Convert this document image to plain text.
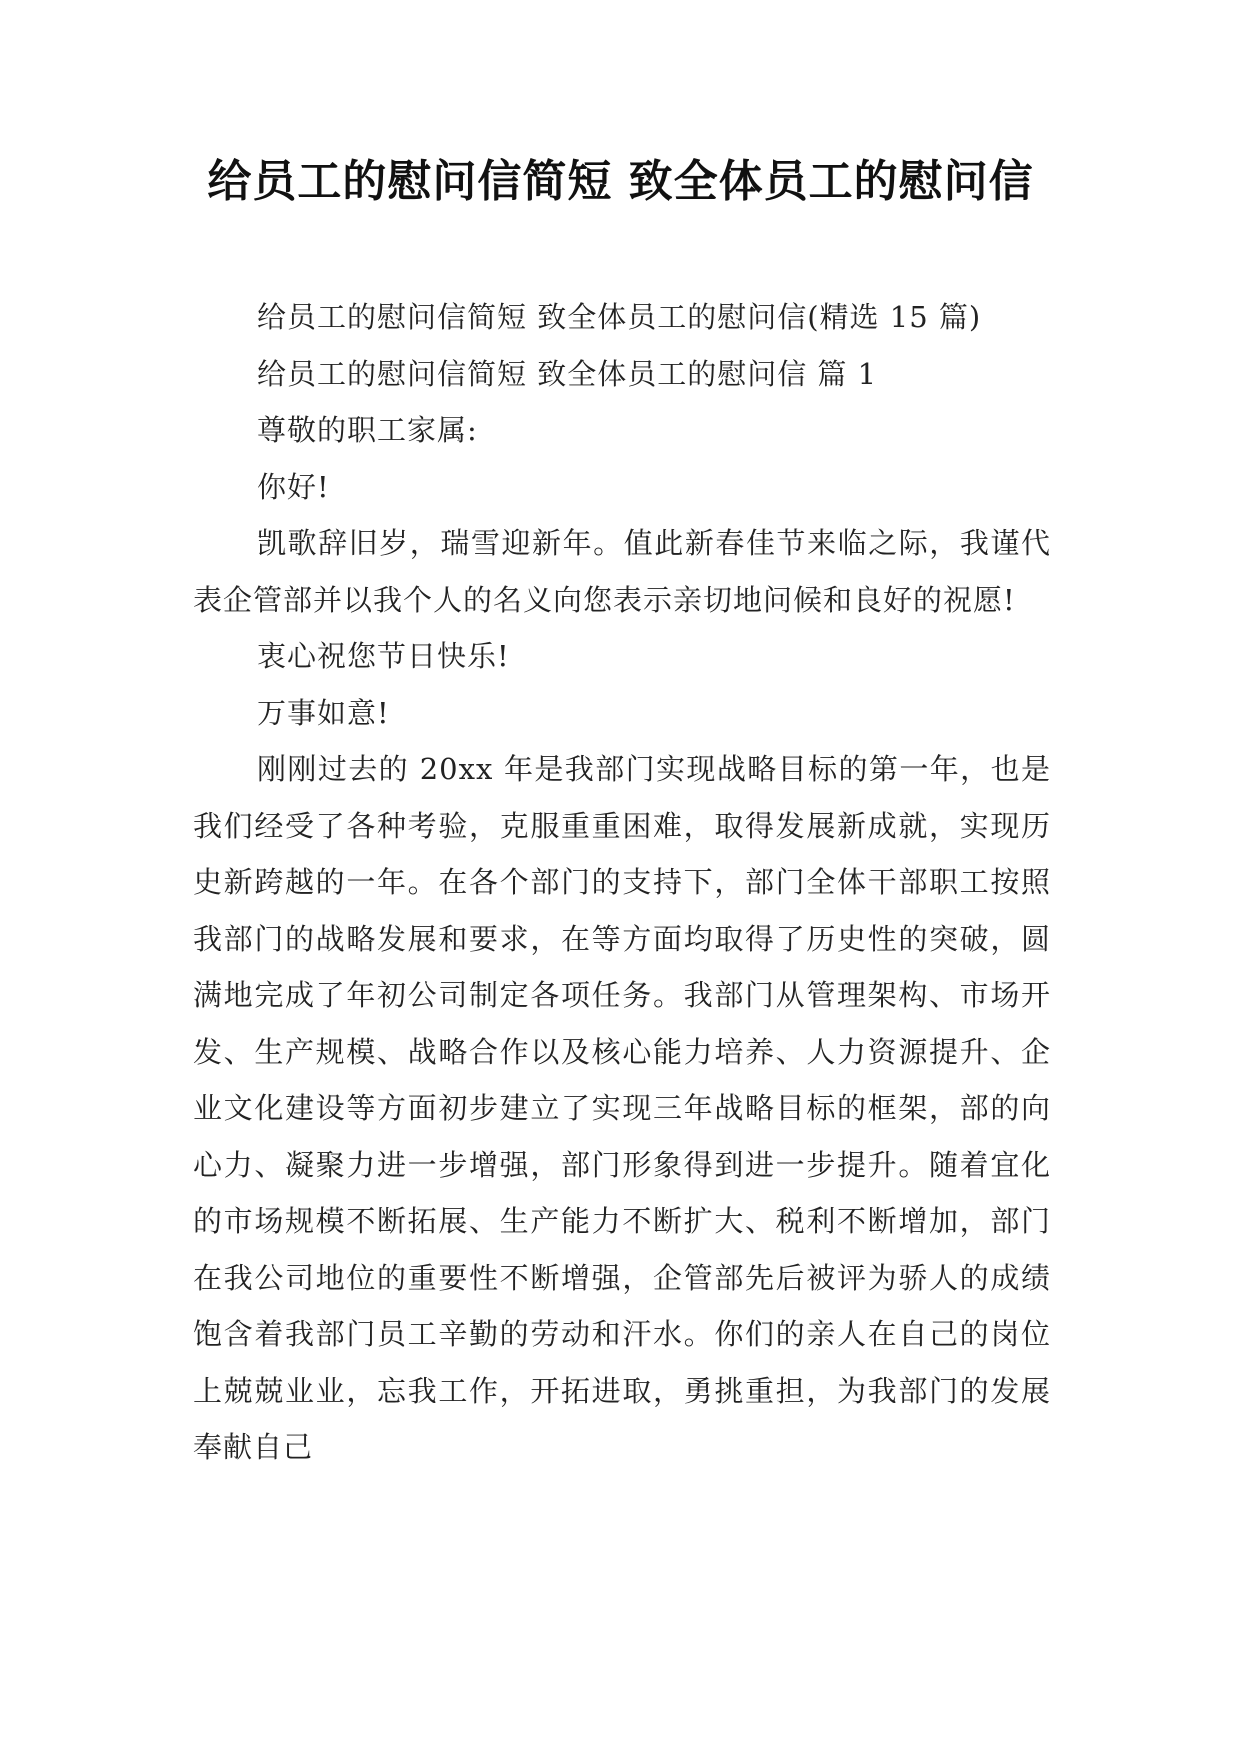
给员工的慰问信简短 致全体员工的慰问信

给员工的慰问信简短 致全体员工的慰问信(精选 15 篇)

给员工的慰问信简短 致全体员工的慰问信 篇 1

尊敬的职工家属:

你好!

凯歌辞旧岁，瑞雪迎新年。值此新春佳节来临之际，我谨代表企管部并以我个人的名义向您表示亲切地问候和良好的祝愿!

衷心祝您节日快乐!

万事如意!

刚刚过去的 20xx 年是我部门实现战略目标的第一年，也是我们经受了各种考验，克服重重困难，取得发展新成就，实现历史新跨越的一年。在各个部门的支持下，部门全体干部职工按照我部门的战略发展和要求，在等方面均取得了历史性的突破，圆满地完成了年初公司制定各项任务。我部门从管理架构、市场开发、生产规模、战略合作以及核心能力培养、人力资源提升、企业文化建设等方面初步建立了实现三年战略目标的框架，部的向心力、凝聚力进一步增强，部门形象得到进一步提升。随着宜化的市场规模不断拓展、生产能力不断扩大、税利不断增加，部门在我公司地位的重要性不断增强，企管部先后被评为骄人的成绩饱含着我部门员工辛勤的劳动和汗水。你们的亲人在自己的岗位上兢兢业业，忘我工作，开拓进取，勇挑重担，为我部门的发展奉献自己
